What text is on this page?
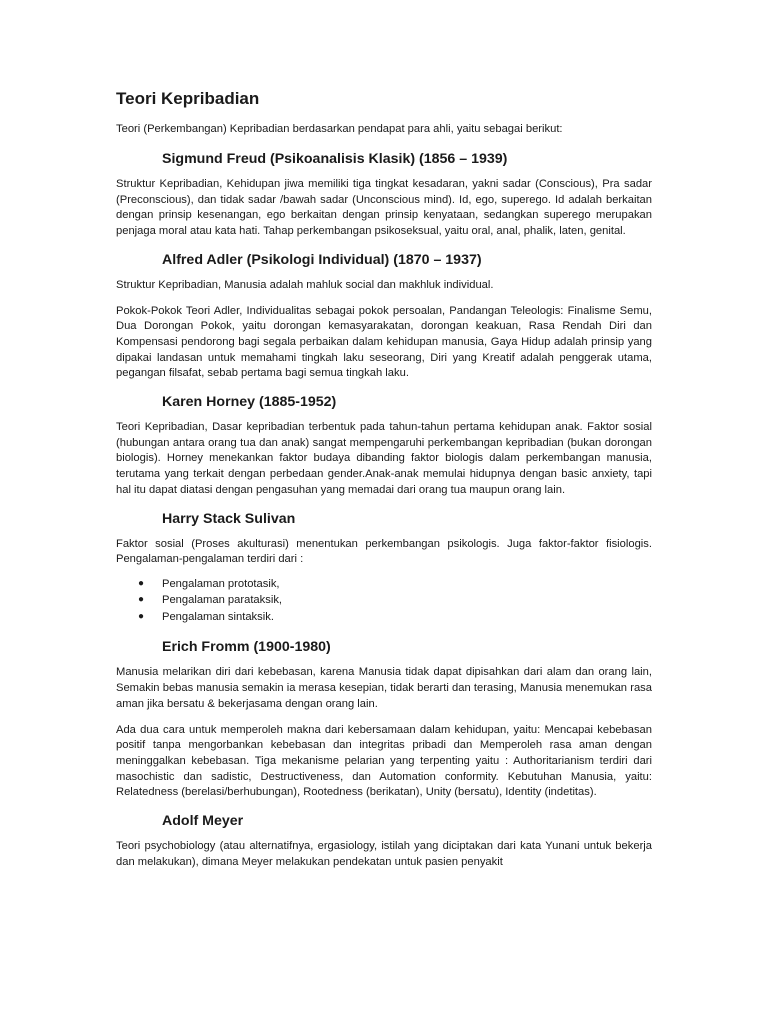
Teori Kepribadian

Teori (Perkembangan) Kepribadian berdasarkan pendapat para ahli, yaitu sebagai berikut:

Sigmund Freud (Psikoanalisis Klasik) (1856 – 1939)

Struktur Kepribadian, Kehidupan jiwa memiliki tiga tingkat kesadaran, yakni sadar (Conscious), Pra sadar (Preconscious), dan tidak sadar /bawah sadar (Unconscious mind). Id, ego, superego. Id adalah berkaitan dengan prinsip kesenangan, ego berkaitan dengan prinsip kenyataan, sedangkan superego merupakan penjaga moral atau kata hati. Tahap perkembangan psikoseksual, yaitu oral, anal, phalik, laten, genital.

Alfred Adler (Psikologi Individual) (1870 – 1937)

Struktur Kepribadian, Manusia adalah mahluk social dan makhluk individual.

Pokok-Pokok Teori Adler, Individualitas sebagai pokok persoalan, Pandangan Teleologis: Finalisme Semu, Dua Dorongan Pokok, yaitu dorongan kemasyarakatan, dorongan keakuan, Rasa Rendah Diri dan Kompensasi pendorong bagi segala perbaikan dalam kehidupan manusia, Gaya Hidup adalah prinsip yang dipakai landasan untuk memahami tingkah laku seseorang, Diri yang Kreatif adalah penggerak utama, pegangan filsafat, sebab pertama bagi semua tingkah laku.

Karen Horney (1885-1952)

Teori Kepribadian, Dasar kepribadian terbentuk pada tahun-tahun pertama kehidupan anak. Faktor sosial (hubungan antara orang tua dan anak) sangat mempengaruhi perkembangan kepribadian (bukan dorongan biologis). Horney menekankan faktor budaya dibanding faktor biologis dalam perkembangan manusia, terutama yang terkait dengan perbedaan gender.Anak-anak memulai hidupnya dengan basic anxiety, tapi hal itu dapat diatasi dengan pengasuhan yang memadai dari orang tua maupun orang lain.

Harry Stack Sulivan

Faktor sosial (Proses akulturasi) menentukan perkembangan psikologis. Juga faktor-faktor fisiologis. Pengalaman-pengalaman terdiri dari :

● Pengalaman prototasik,
● Pengalaman parataksik,
● Pengalaman sintaksik.
Erich Fromm (1900-1980)

Manusia melarikan diri dari kebebasan, karena Manusia tidak dapat dipisahkan dari alam dan orang lain, Semakin bebas manusia semakin ia merasa kesepian, tidak berarti dan terasing, Manusia menemukan rasa aman jika bersatu & bekerjasama dengan orang lain.

Ada dua cara untuk memperoleh makna dari kebersamaan dalam kehidupan, yaitu: Mencapai kebebasan positif tanpa mengorbankan kebebasan dan integritas pribadi dan Memperoleh rasa aman dengan meninggalkan kebebasan. Tiga mekanisme pelarian yang terpenting yaitu : Authoritarianism terdiri dari masochistic dan sadistic, Destructiveness, dan Automation conformity. Kebutuhan Manusia, yaitu: Relatedness (berelasi/berhubungan), Rootedness (berikatan), Unity (bersatu), Identity (indetitas).

Adolf Meyer

Teori psychobiology (atau alternatifnya, ergasiology, istilah yang diciptakan dari kata Yunani untuk bekerja dan melakukan), dimana Meyer melakukan pendekatan untuk pasien penyakit
